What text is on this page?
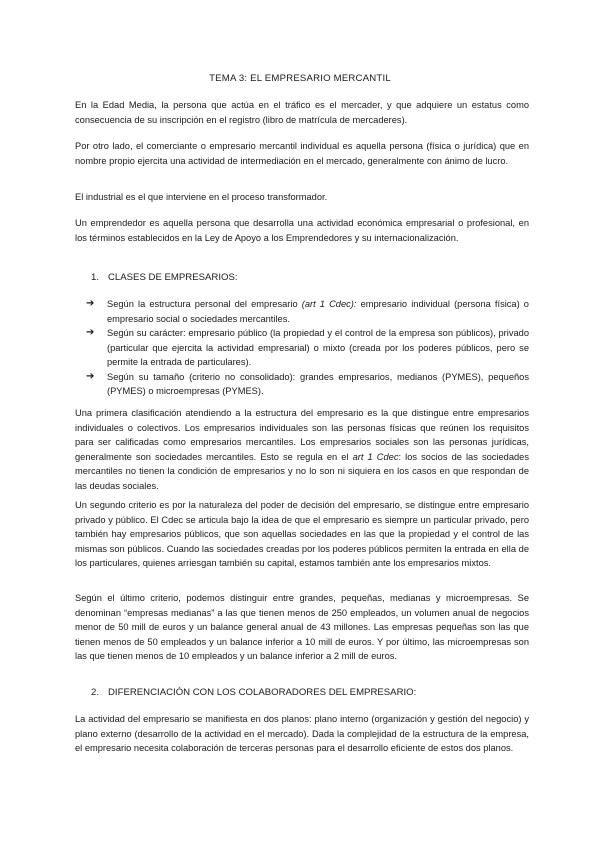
TEMA 3: EL EMPRESARIO MERCANTIL

En la Edad Media, la persona que actúa en el tráfico es el mercader, y que adquiere un estatus como consecuencia de su inscripción en el registro (libro de matrícula de mercaderes).

Por otro lado, el comerciante o empresario mercantil individual es aquella persona (física o jurídica) que en nombre propio ejercita una actividad de intermediación en el mercado, generalmente con ánimo de lucro.

El industrial es el que interviene en el proceso transformador.

Un emprendedor es aquella persona que desarrolla una actividad económica empresarial o profesional, en los términos establecidos en la Ley de Apoyo a los Emprendedores y su internacionalización.

1. CLASES DE EMPRESARIOS:
➔ Según la estructura personal del empresario (art 1 Cdec): empresario individual (persona física) o empresario social o sociedades mercantiles.
➔ Según su carácter: empresario público (la propiedad y el control de la empresa son públicos), privado (particular que ejercita la actividad empresarial) o mixto (creada por los poderes públicos, pero se permite la entrada de particulares).
➔ Según su tamaño (criterio no consolidado): grandes empresarios, medianos (PYMES), pequeños (PYMES) o microempresas (PYMES).

Una primera clasificación atendiendo a la estructura del empresario es la que distingue entre empresarios individuales o colectivos. Los empresarios individuales son las personas físicas que reúnen los requisitos para ser calificadas como empresarios mercantiles. Los empresarios sociales son las personas jurídicas, generalmente son sociedades mercantiles. Esto se regula en el art 1 Cdec: los socios de las sociedades mercantiles no tienen la condición de empresarios y no lo son ni siquiera en los casos en que respondan de las deudas sociales.

Un segundo criterio es por la naturaleza del poder de decisión del empresario, se distingue entre empresario privado y público. El Cdec se articula bajo la idea de que el empresario es siempre un particular privado, pero también hay empresarios públicos, que son aquellas sociedades en las que la propiedad y el control de las mismas son públicos. Cuando las sociedades creadas por los poderes públicos permiten la entrada en ella de los particulares, quienes arriesgan también su capital, estamos también ante los empresarios mixtos.

Según el último criterio, podemos distinguir entre grandes, pequeñas, medianas y microempresas. Se denominan “empresas medianas” a las que tienen menos de 250 empleados, un volumen anual de negocios menor de 50 mill de euros y un balance general anual de 43 millones. Las empresas pequeñas son las que tienen menos de 50 empleados y un balance inferior a 10 mill de euros. Y por último, las microempresas son las que tienen menos de 10 empleados y un balance inferior a 2 mill de euros.

2. DIFERENCIACIÓN CON LOS COLABORADORES DEL EMPRESARIO:

La actividad del empresario se manifiesta en dos planos: plano interno (organización y gestión del negocio) y plano externo (desarrollo de la actividad en el mercado). Dada la complejidad de la estructura de la empresa, el empresario necesita colaboración de terceras personas para el desarrollo eficiente de estos dos planos.
